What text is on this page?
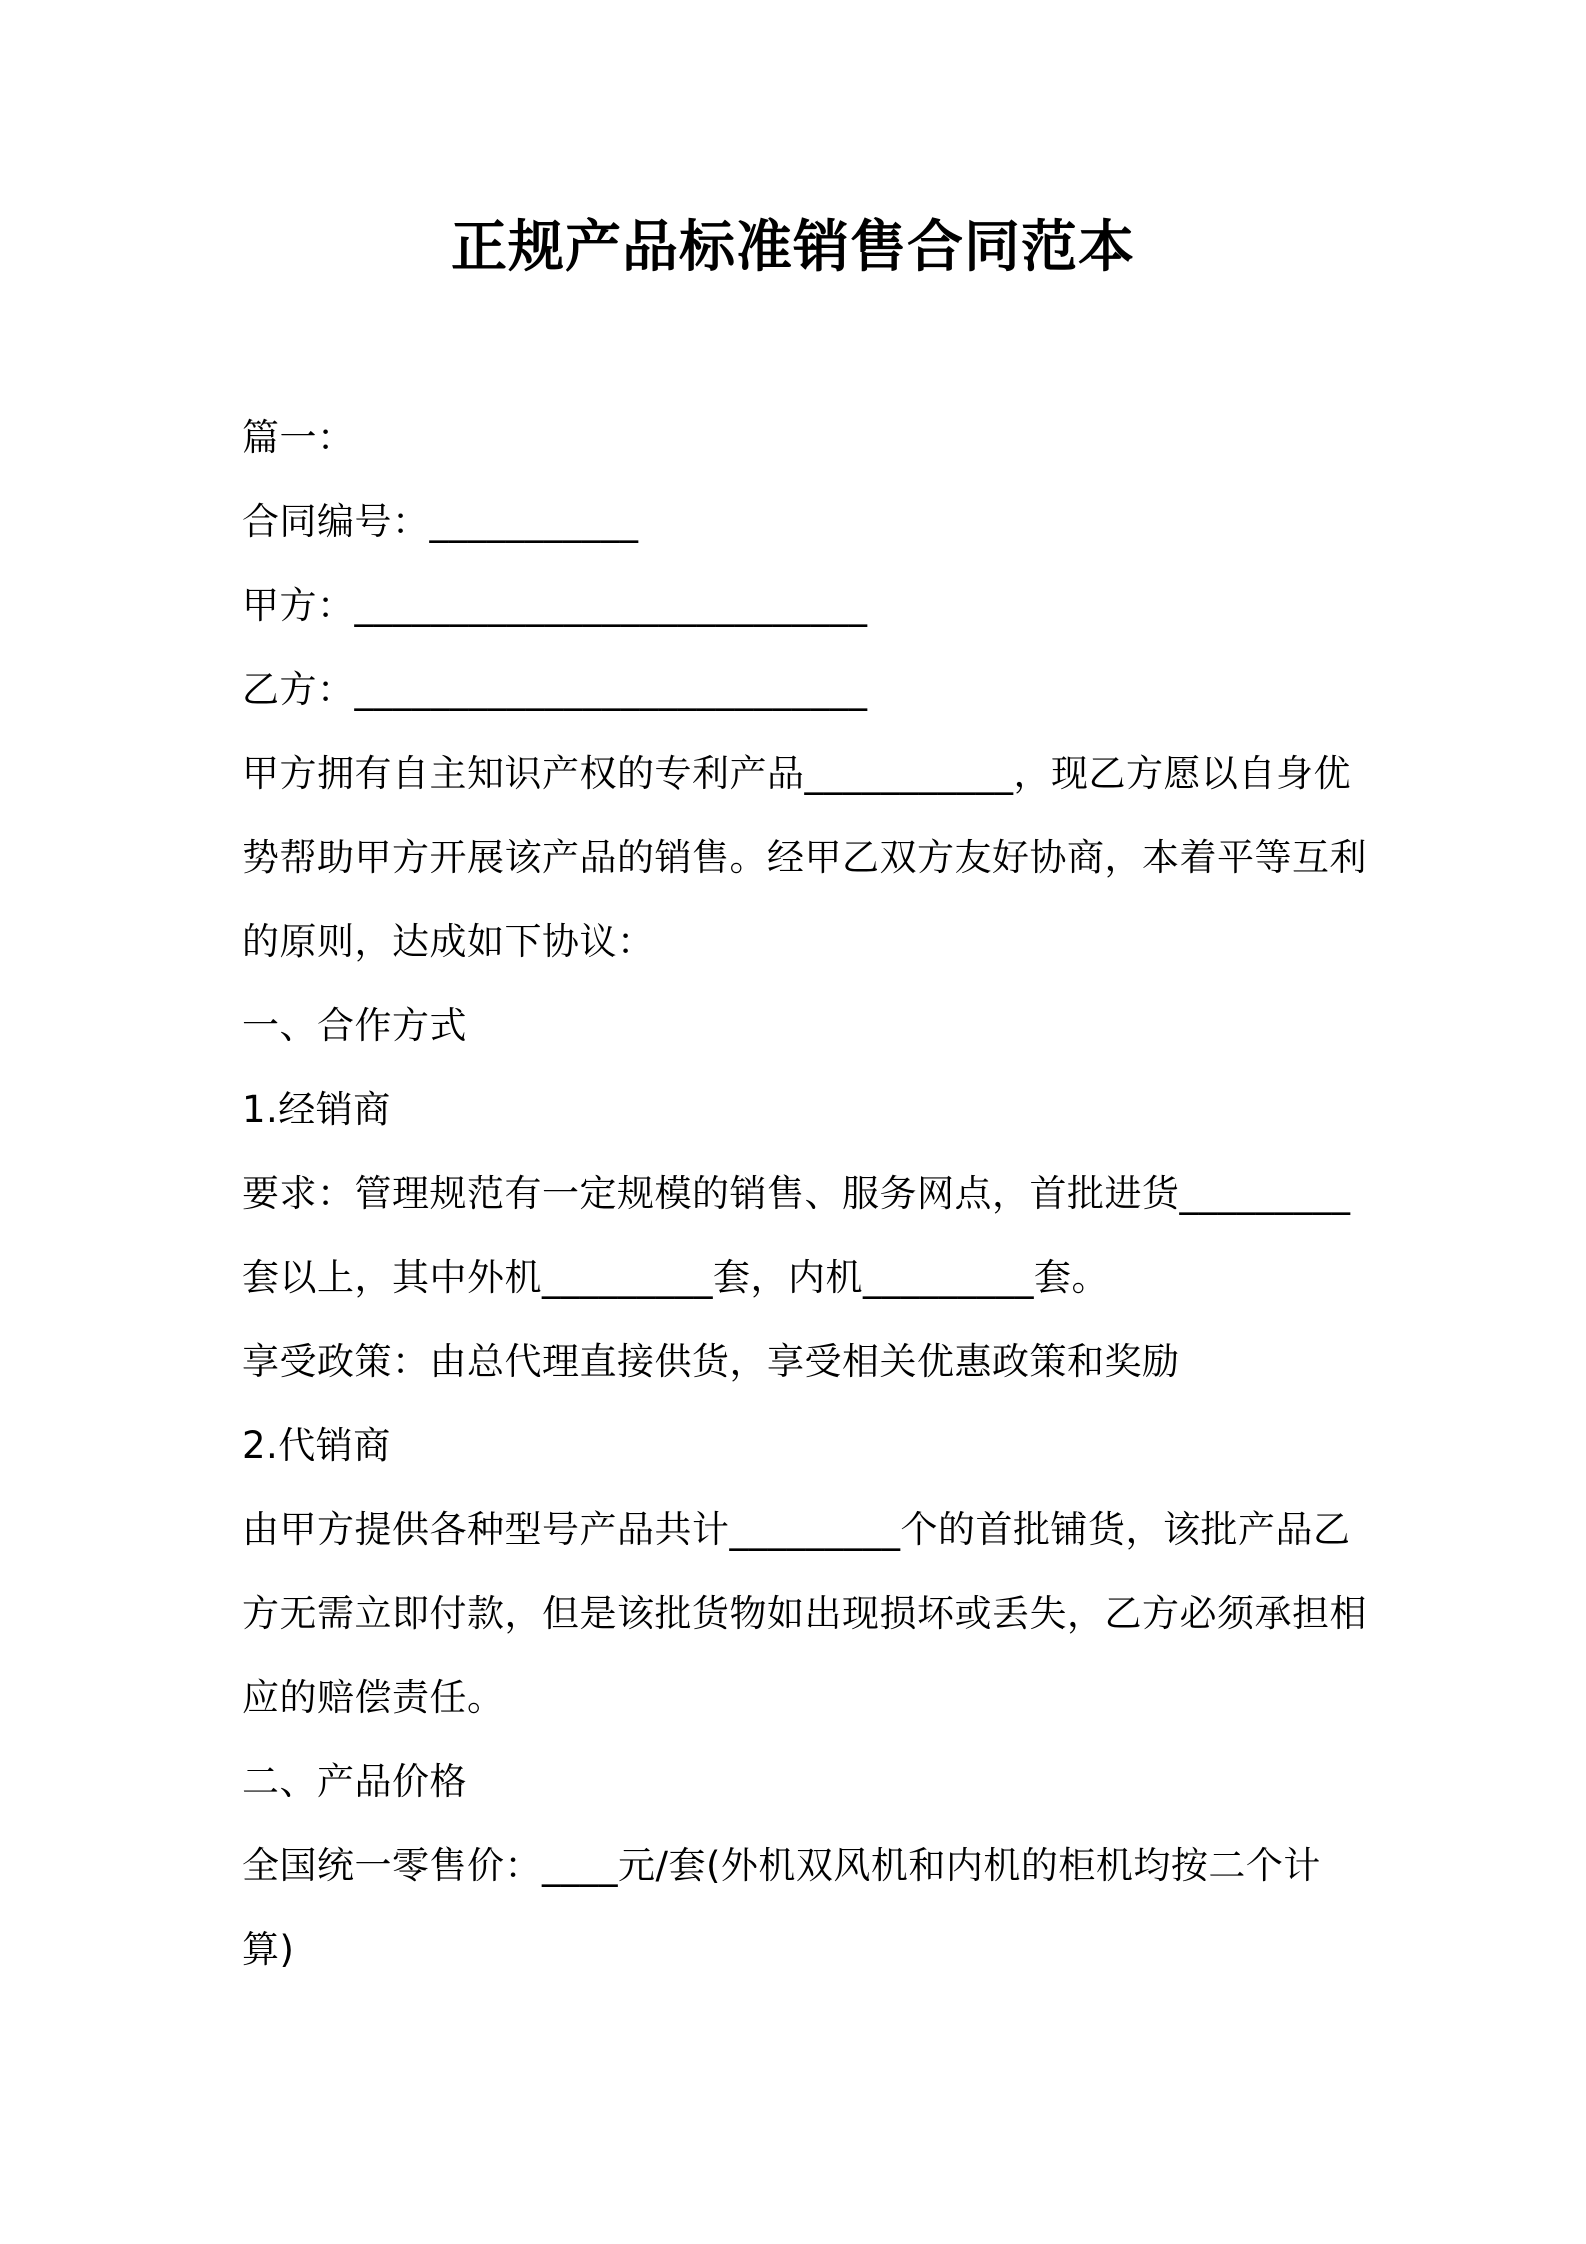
正规产品标准销售合同范本
篇一：
合同编号：___________
甲方：___________________________
乙方：___________________________
甲方拥有自主知识产权的专利产品___________，现乙方愿以自身优
势帮助甲方开展该产品的销售。经甲乙双方友好协商，本着平等互利
的原则，达成如下协议：
一、合作方式
1.经销商
要求：管理规范有一定规模的销售、服务网点，首批进货_________
套以上，其中外机_________套，内机_________套。
享受政策：由总代理直接供货，享受相关优惠政策和奖励
2.代销商
由甲方提供各种型号产品共计_________个的首批铺货，该批产品乙
方无需立即付款，但是该批货物如出现损坏或丢失，乙方必须承担相
应的赔偿责任。
二、产品价格
全国统一零售价：____元/套(外机双风机和内机的柜机均按二个计
算)
